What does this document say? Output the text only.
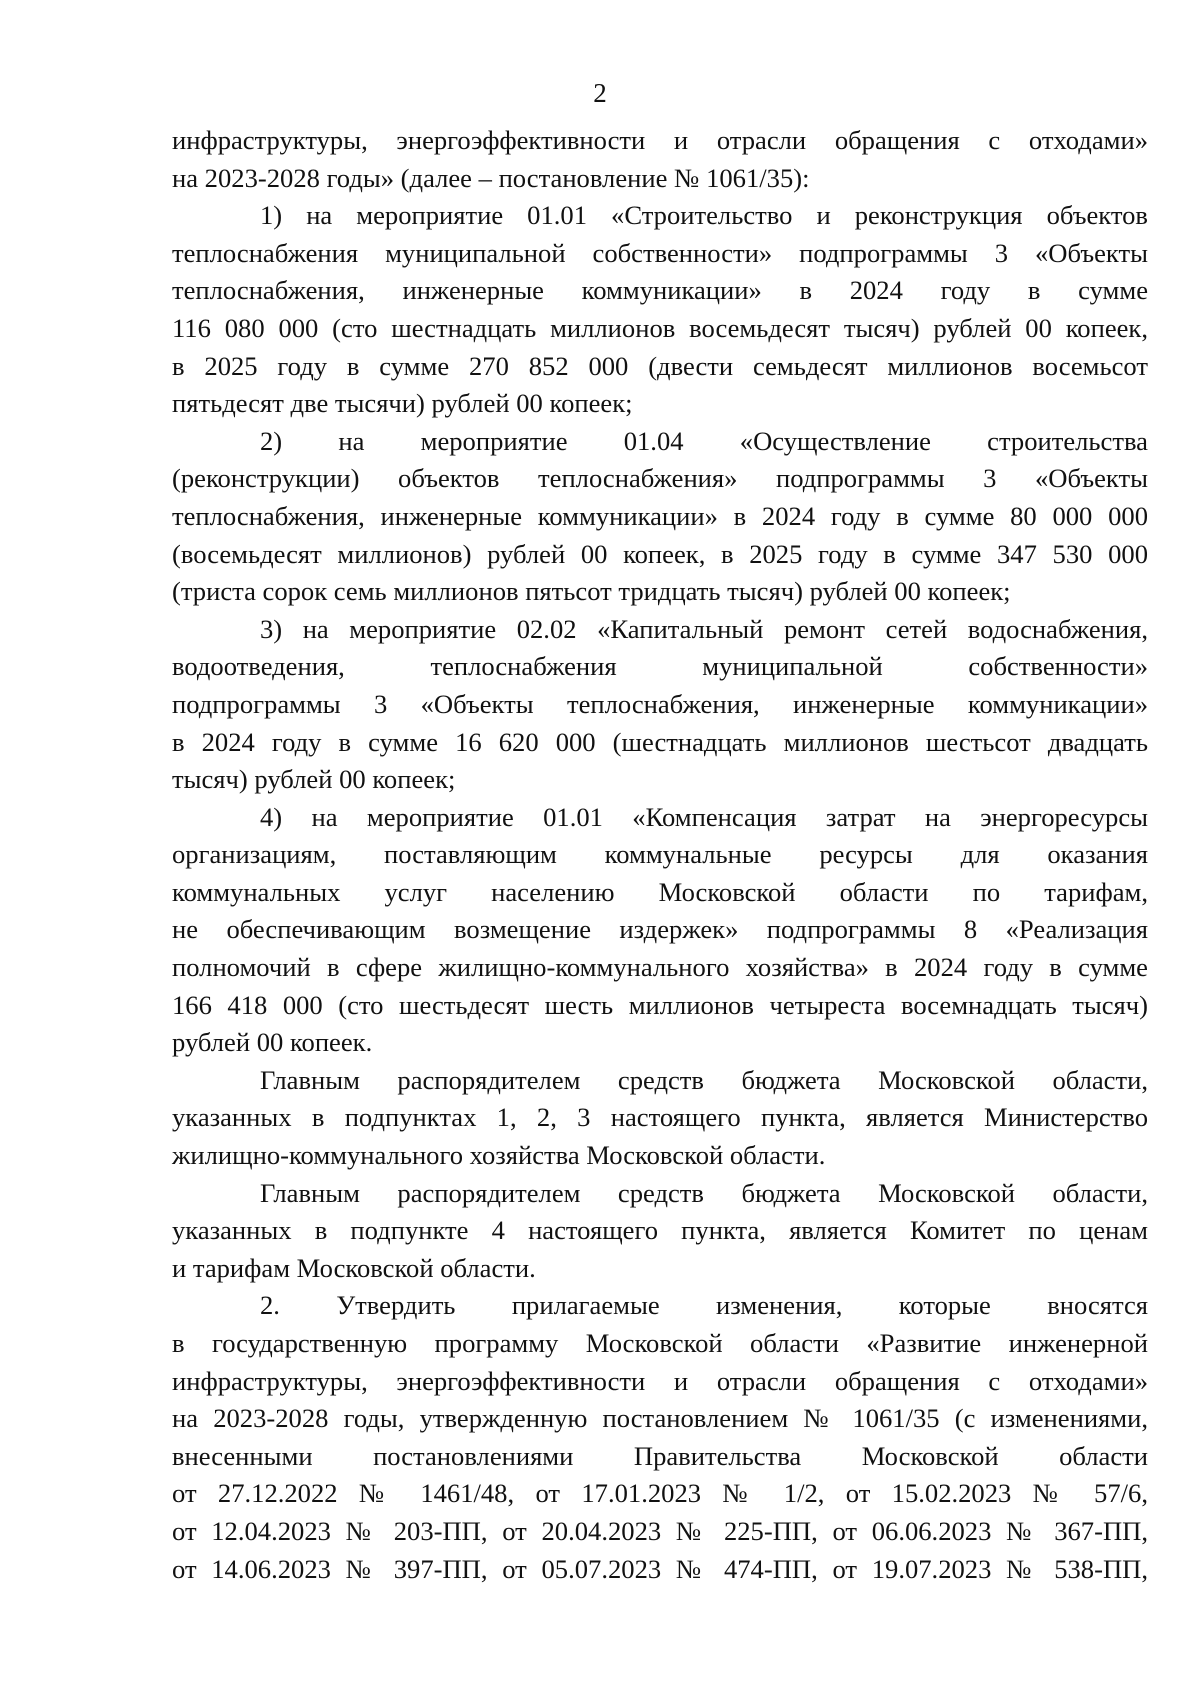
2
инфраструктуры, энергоэффективности и отрасли обращения с отходами»
на 2023-2028 годы» (далее – постановление № 1061/35):
1) на мероприятие 01.01 «Строительство и реконструкция объектов
теплоснабжения муниципальной собственности» подпрограммы 3 «Объекты
теплоснабжения, инженерные коммуникации» в 2024 году в сумме
116 080 000 (сто шестнадцать миллионов восемьдесят тысяч) рублей 00 копеек,
в 2025 году в сумме 270 852 000 (двести семьдесят миллионов восемьсот
пятьдесят две тысячи) рублей 00 копеек;
2) на мероприятие 01.04 «Осуществление строительства
(реконструкции) объектов теплоснабжения» подпрограммы 3 «Объекты
теплоснабжения, инженерные коммуникации» в 2024 году в сумме 80 000 000
(восемьдесят миллионов) рублей 00 копеек, в 2025 году в сумме 347 530 000
(триста сорок семь миллионов пятьсот тридцать тысяч) рублей 00 копеек;
3) на мероприятие 02.02 «Капитальный ремонт сетей водоснабжения,
водоотведения, теплоснабжения муниципальной собственности»
подпрограммы 3 «Объекты теплоснабжения, инженерные коммуникации»
в 2024 году в сумме 16 620 000 (шестнадцать миллионов шестьсот двадцать
тысяч) рублей 00 копеек;
4) на мероприятие 01.01 «Компенсация затрат на энергоресурсы
организациям, поставляющим коммунальные ресурсы для оказания
коммунальных услуг населению Московской области по тарифам,
не обеспечивающим возмещение издержек» подпрограммы 8 «Реализация
полномочий в сфере жилищно-коммунального хозяйства» в 2024 году в сумме
166 418 000 (сто шестьдесят шесть миллионов четыреста восемнадцать тысяч)
рублей 00 копеек.
Главным распорядителем средств бюджета Московской области,
указанных в подпунктах 1, 2, 3 настоящего пункта, является Министерство
жилищно-коммунального хозяйства Московской области.
Главным распорядителем средств бюджета Московской области,
указанных в подпункте 4 настоящего пункта, является Комитет по ценам
и тарифам Московской области.
2. Утвердить прилагаемые изменения, которые вносятся
в государственную программу Московской области «Развитие инженерной
инфраструктуры, энергоэффективности и отрасли обращения с отходами»
на 2023-2028 годы, утвержденную постановлением № 1061/35 (с изменениями,
внесенными постановлениями Правительства Московской области
от 27.12.2022 № 1461/48, от 17.01.2023 № 1/2, от 15.02.2023 № 57/6,
от 12.04.2023 № 203-ПП, от 20.04.2023 № 225-ПП, от 06.06.2023 № 367-ПП,
от 14.06.2023 № 397-ПП, от 05.07.2023 № 474-ПП, от 19.07.2023 № 538-ПП,
